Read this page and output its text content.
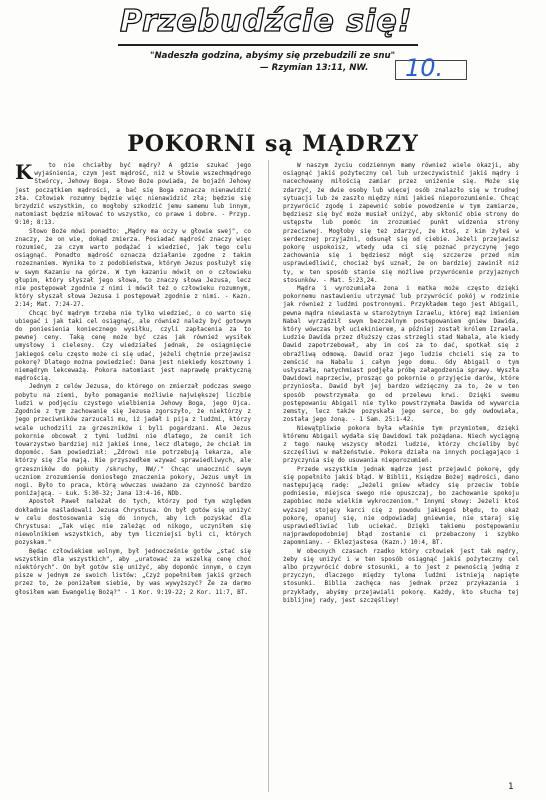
Przebudźcie się!
"Nadeszła godzina, abyśmy się przebudzili ze snu"
— Rzymian 13:11, NW. 10.
POKORNI są MĄDRZY

K	to nie chciałby być mądry? A gdzie szukać jego wyjaśnienia, czym jest mądrość, niż w Słowie wszechmądrego Stwórcy, Jehowy Boga. Słowo Boże powiada, że bojaźń Jehowy jest początkiem mądrości, a bać się Boga oznacza nienawidzić zła. Człowiek rozumny będzie więc nienawidzić zła; będzie się brzydzić wszystkim, co mogłoby szkodzić jemu samemu lub innym, natomiast będzie miłować to wszystko, co prawe i dobre. - Przyp. 9:10; 8:13.

Słowo Boże mówi ponadto: „Mądry ma oczy w głowie swej", co znaczy, że on wie, dokąd zmierza. Posiadać mądrość znaczy więc rozumieć, za czym warto podążać i wiedzieć, jak tego celu osiągnąć. Ponadto mądrość oznacza działanie zgodne z takim rozeznaniem. Wynika to z podobieństwa, którym Jezus posłużył się w swym Kazaniu na górze. W tym kazaniu mówił on o człowieku głupim, który słyszał jego słowa, to znaczy słowa Jezusa, lecz nie postępował zgodnie z nimi i mówił też o człowieku rozumnym, który słyszał słowa Jezusa i postępował zgodnie z nimi. - Kazn. 2:14; Mat. 7:24-27.

Chcąc być mądrym trzeba nie tylko wiedzieć, o co warto się ubiegać i jak taki cel osiągnąć, ale również należy być gotowym do poniesienia koniecznego wysiłku, czyli zapłacenia za to pewnej ceny. Taką cenę może być czas jak również wysiłek umysłowy i cielesny. Czy wiedziałeś jednak, że osiągnięcie jakiegoś celu często może ci się udać, jeżeli chętnie przejawisz pokorę? Dlatego można powiedzieć: Dana jest niekiedy kosztowny i niemądrym lekceważą. Pokora natomiast jest naprawdę praktyczną mądrością.

Jednym z celów Jezusa, do którego on zmierzał podczas swego pobytu na ziemi, było pomaganie możliwie największej liczbie ludzi w podjęciu czystego wielbienia Jehowy Boga, jego Ojca. Zgodnie z tym zachowanie się Jezusa zgorszyło, że niektórzy z jego przeciwników zarzucali mu, iż jadał i pija z ludźmi, którzy wcale uchodzili za grzeszników i byli pogardzani. Ale Jezus pokornie obcował z tymi ludźmi nie dlatego, że cenił ich towarzystwo bardziej niż jakieś inne, lecz dlatego, że chciał im dopomóc. Sam powiedział: „Zdrowi nie potrzebują lekarza, ale którzy się źle mają. Nie przyszedłem wzywać sprawiedliwych, ale grzeszników do pokuty /skruchy, NW/." Chcąc unaocznić swym uczniom zrozumienie doniosłego znaczenia pokory, Jezus umył im nogi. Było to praca, którą wówczas uważano za czynność bardzo poniżającą. - Łuk. 5:30-32; Jana 13:4-16, NDb.

Apostoł Paweł należał do tych, którzy pod tym względem dokładnie naśladowali Jezusa Chrystusa. On był gotów się uniżyć w celu dostosowania się do innych, aby ich pozyskać dla Chrystusa: „Tak więc nie zależąc od nikogo, uczyniłem się niewolnikiem wszystkich, aby tym liczniejsi byli ci, których pozyskam."

Będąc człowiekiem wolnym, był jednocześnie gotów „stać się wszystkim dla wszystkich", aby „uratować za wszelką cenę choć niektórych". On był gotów się uniżyć, aby dopomóc innym, o czym pisze w jednym ze swoich listów: „Czyż popełniłem jakiś grzech przez to, że poniżałem siebie, by was wywyższyć? Że za darmo głosiłem wam Ewangelię Bożą?" - 1 Kor. 9:19-22; 2 Kor. 11:7, BT.

W naszym życiu codziennym mamy również wiele okazji, aby osiągnąć jakiś pożyteczny cel lub urzeczywistnić jakiś mądry i nacechowany miłością zamiar przez uniżenie się. Może się zdarzyć, że dwie osoby lub więcej osób znalazło się w trudnej sytuacji lub że zaszło między nimi jakieś nieporozumienie. Chcąc przywrócić zgodę i zapewnić sobie powodzenie w tym zamiarze, będziesz się być może musiał uniżyć, aby skłonić obie strony do ustępstw lub pomóc im zrozumieć punkt widzenia strony przeciwnej. Mogłoby się też zdarzyć, że ktoś, z kim żyłeś w serdecznej przyjaźni, odsunął się od ciebie. Jeżeli przejawisz pokorę uspokoisz, wtedy uda ci się poznać przyczynę jego zachowania się i będziesz mógł się szczerze przed nim usprawiedliwić, chociaż byś uznał, że on bardziej zawinił niż ty, w ten sposób stanie się możliwe przywrócenie przyjaznych stosunków. - Mat. 5:23,24.

Mądra i wyrozumiała żona i matka może często dzięki pokornemu nastawieniu utrzymać lub przywrócić pokój w rodzinie jak również z ludźmi postronnymi. Przykładem tego jest Abigail, pewna mądra niewiasta w starożytnym Izraelu, której mąż imieniem Nabal wyrządził swym bezczelnym postępowaniem gniew Dawida, który wówczas był uciekinierem, a później został królem Izraela. Ludzie Dawida przez dłuższy czas strzegli stad Nabala, ale kiedy Dawid zapotrzebował, aby im coś za to dać, spotkał się z obraźliwą odmową. Dawid oraz jego ludzie chcieli się za to zemścić na Nabalu i całym jego domu. Gdy Abigail o tym usłyszała, natychmiast podjęła próbę załagodzenia sprawy. Wyszła Dawidowi naprzeciw, prosząc go pokornie o przyjęcie darów, które przyniosła. Dawid był jej bardzo wdzięczny za to, że w ten sposób powstrzymała go od przelewu krwi. Dzięki swemu postępowaniu Abigail nie tylko powstrzymała Dawida od wywarcia zemsty, lecz także pozyskała jego serce, bo gdy owdowiała, została jego żoną. - 1 Sam. 25:1-42.

Niewątpliwie pokora była właśnie tym przymiotem, dzięki któremu Abigail wydała się Dawidowi tak pożądana. Niech wyciągną z tego naukę wszyscy młodzi ludzie, którzy chcieliby być szczęśliwi w małżeństwie. Pokora działa na innych pociągająco i przyczynia się do usuwania nieporozumień.

Przede wszystkim jednak mądrze jest przejawić pokorę, gdy się popełniło jakiś błąd. W Biblii, Księdze Bożej mądrości, dano następującą radę: „Jeżeli gniew władcy się przeciw tobie podniesie, miejsca swego nie opuszczaj, bo zachowanie spokoju zapobiec może wielkim wykroczeniom." Innymi słowy: Jeżeli ktoś wyższej stojący karci cię z powodu jakiegoś błędu, to okaż pokorę, opanuj się, nie odpowiadaj gniewnie, nie staraj się usprawiedliwiać lub uciekać. Dzięki takiemu postępowaniu najprawdopodobniej błąd zostanie ci przebaczony i szybko zapomniany. - Eklezjastesa (Kazn.) 10:4, BT.

W obecnych czasach rzadko który człowiek jest tak mądry, żeby się uniżyć i w ten sposób osiągnąć jakiś pożyteczny cel albo przywrócić dobre stosunki, a to jest z pewnością jedną z przyczyn, dlaczego między tyloma ludźmi istnieją napięte stosunki. Biblia zachęca nas jednak przez przykazania i przykłady, abyśmy przejawiali pokorę. Każdy, kto słucha tej biblijnej rady, jest szczęśliwy!

1
